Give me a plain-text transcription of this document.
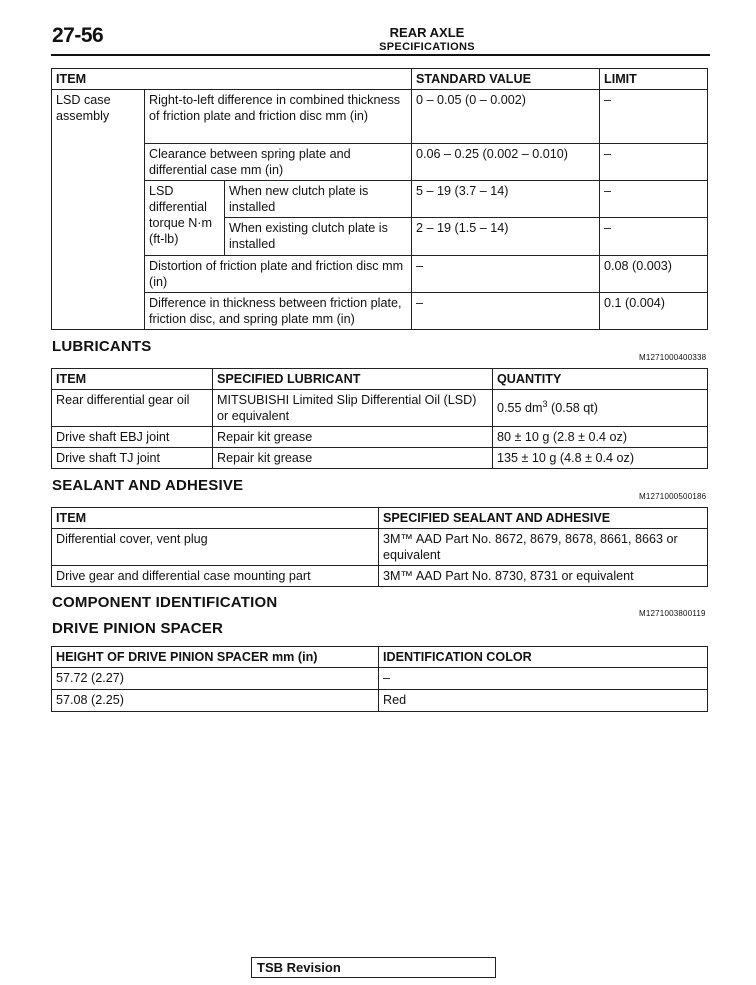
27-56	REAR AXLE
SPECIFICATIONS
ITEM			STANDARD VALUE	LIMIT
LSD case assembly	Right-to-left difference in combined thickness of friction plate and friction disc mm (in)		0 – 0.05 (0 – 0.002)	–
	Clearance between spring plate and differential case mm (in)		0.06 – 0.25 (0.002 – 0.010)	–
	LSD differential torque N·m (ft-lb)	When new clutch plate is installed	5 – 19 (3.7 – 14)	–
		When existing clutch plate is installed	2 – 19 (1.5 – 14)	–
	Distortion of friction plate and friction disc mm (in)		–	0.08 (0.003)
	Difference in thickness between friction plate, friction disc, and spring plate mm (in)		–	0.1 (0.004)
LUBRICANTS
M1271000400338
ITEM	SPECIFIED LUBRICANT	QUANTITY
Rear differential gear oil	MITSUBISHI Limited Slip Differential Oil (LSD) or equivalent	0.55 $dm^3$ (0.58 qt)
Drive shaft EBJ joint	Repair kit grease	80 ± 10 g (2.8 ± 0.4 oz)
Drive shaft TJ joint	Repair kit grease	135 ± 10 g (4.8 ± 0.4 oz)
SEALANT AND ADHESIVE
M1271000500186
ITEM	SPECIFIED SEALANT AND ADHESIVE
Differential cover, vent plug	3M™ AAD Part No. 8672, 8679, 8678, 8661, 8663 or equivalent
Drive gear and differential case mounting part	3M™ AAD Part No. 8730, 8731 or equivalent
COMPONENT IDENTIFICATION
M1271003800119
DRIVE PINION SPACER
HEIGHT OF DRIVE PINION SPACER mm (in)	IDENTIFICATION COLOR
57.72 (2.27)	–
57.08 (2.25)	Red
TSB Revision
